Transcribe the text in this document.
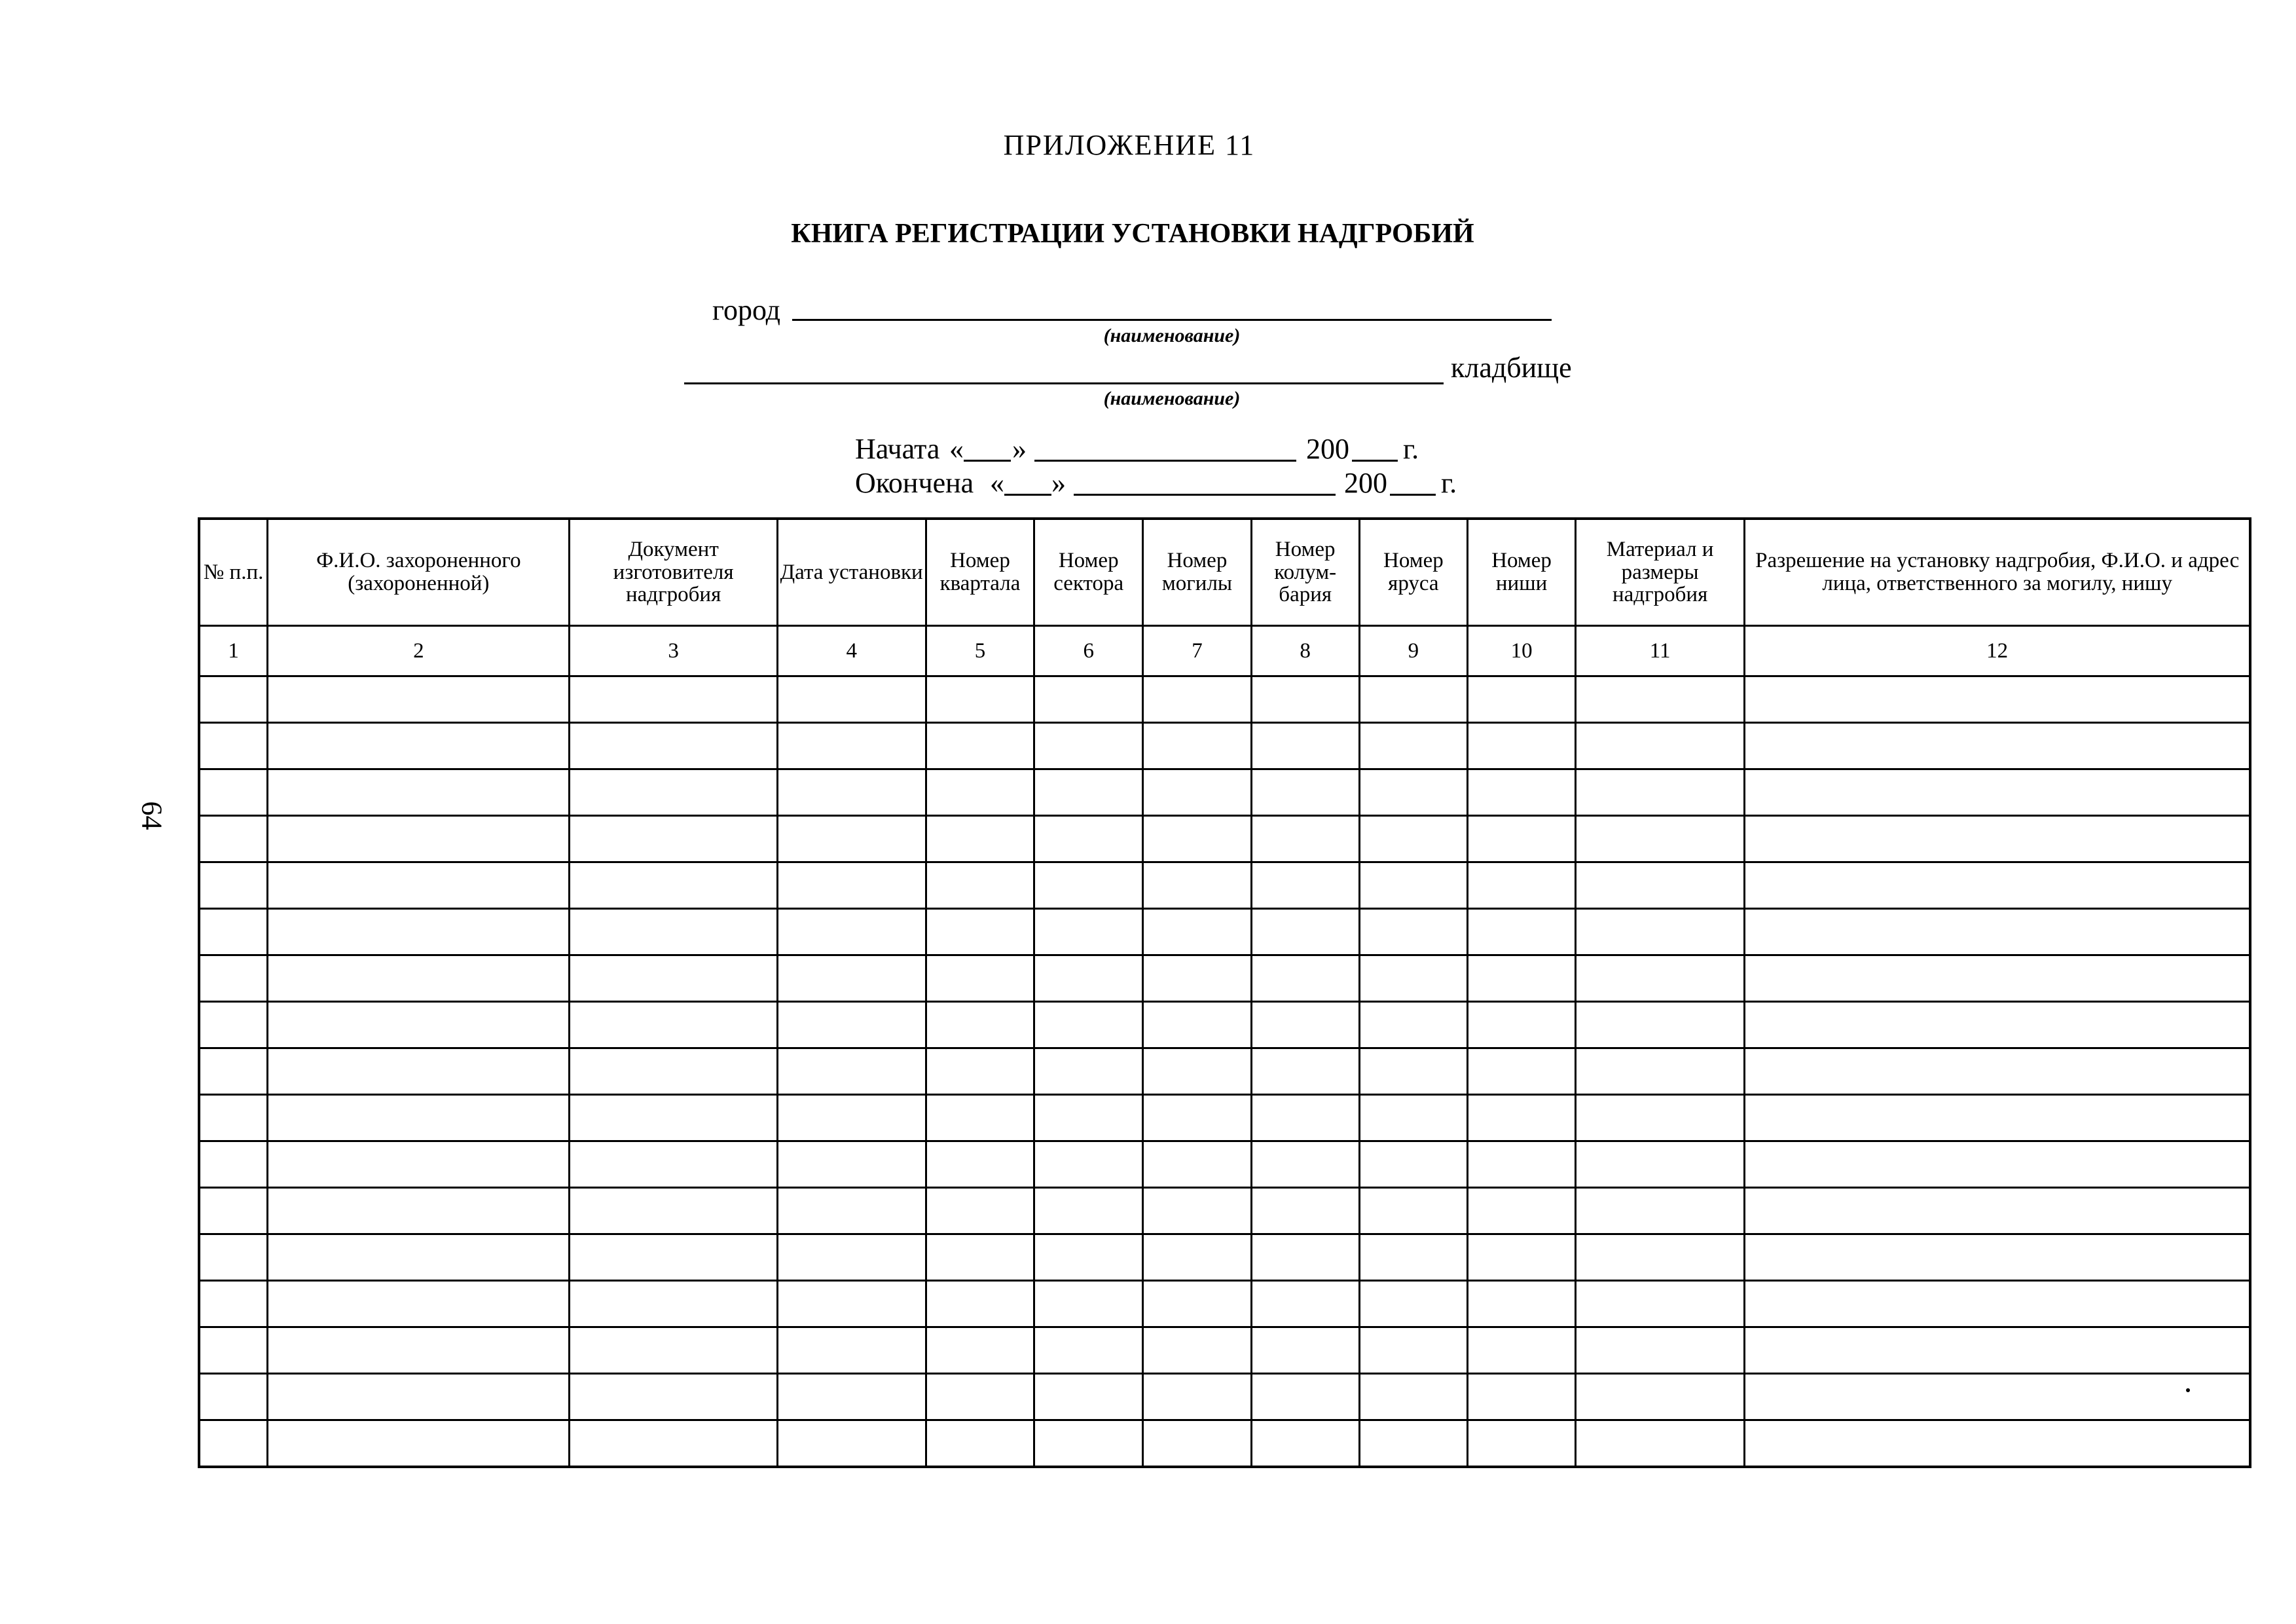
ПРИЛОЖЕНИЕ 11
КНИГА РЕГИСТРАЦИИ УСТАНОВКИ НАДГРОБИЙ
город
(наименование)
кладбище
(наименование)
Начата « »	200 г.
Окончена « »	200 г.
64
№ п.п.	Ф.И.О. захороненного (захороненной)	Документ изготовителя надгробия	Дата установки	Номер квартала	Номер сектора	Номер могилы	Номер колум-бария	Номер яруса	Номер ниши	Материал и размеры надгробия	Разрешение на установку надгробия, Ф.И.О. и адрес лица, ответственного за могилу, нишу
1	2	3	4	5	6	7	8	9	10	11	12
